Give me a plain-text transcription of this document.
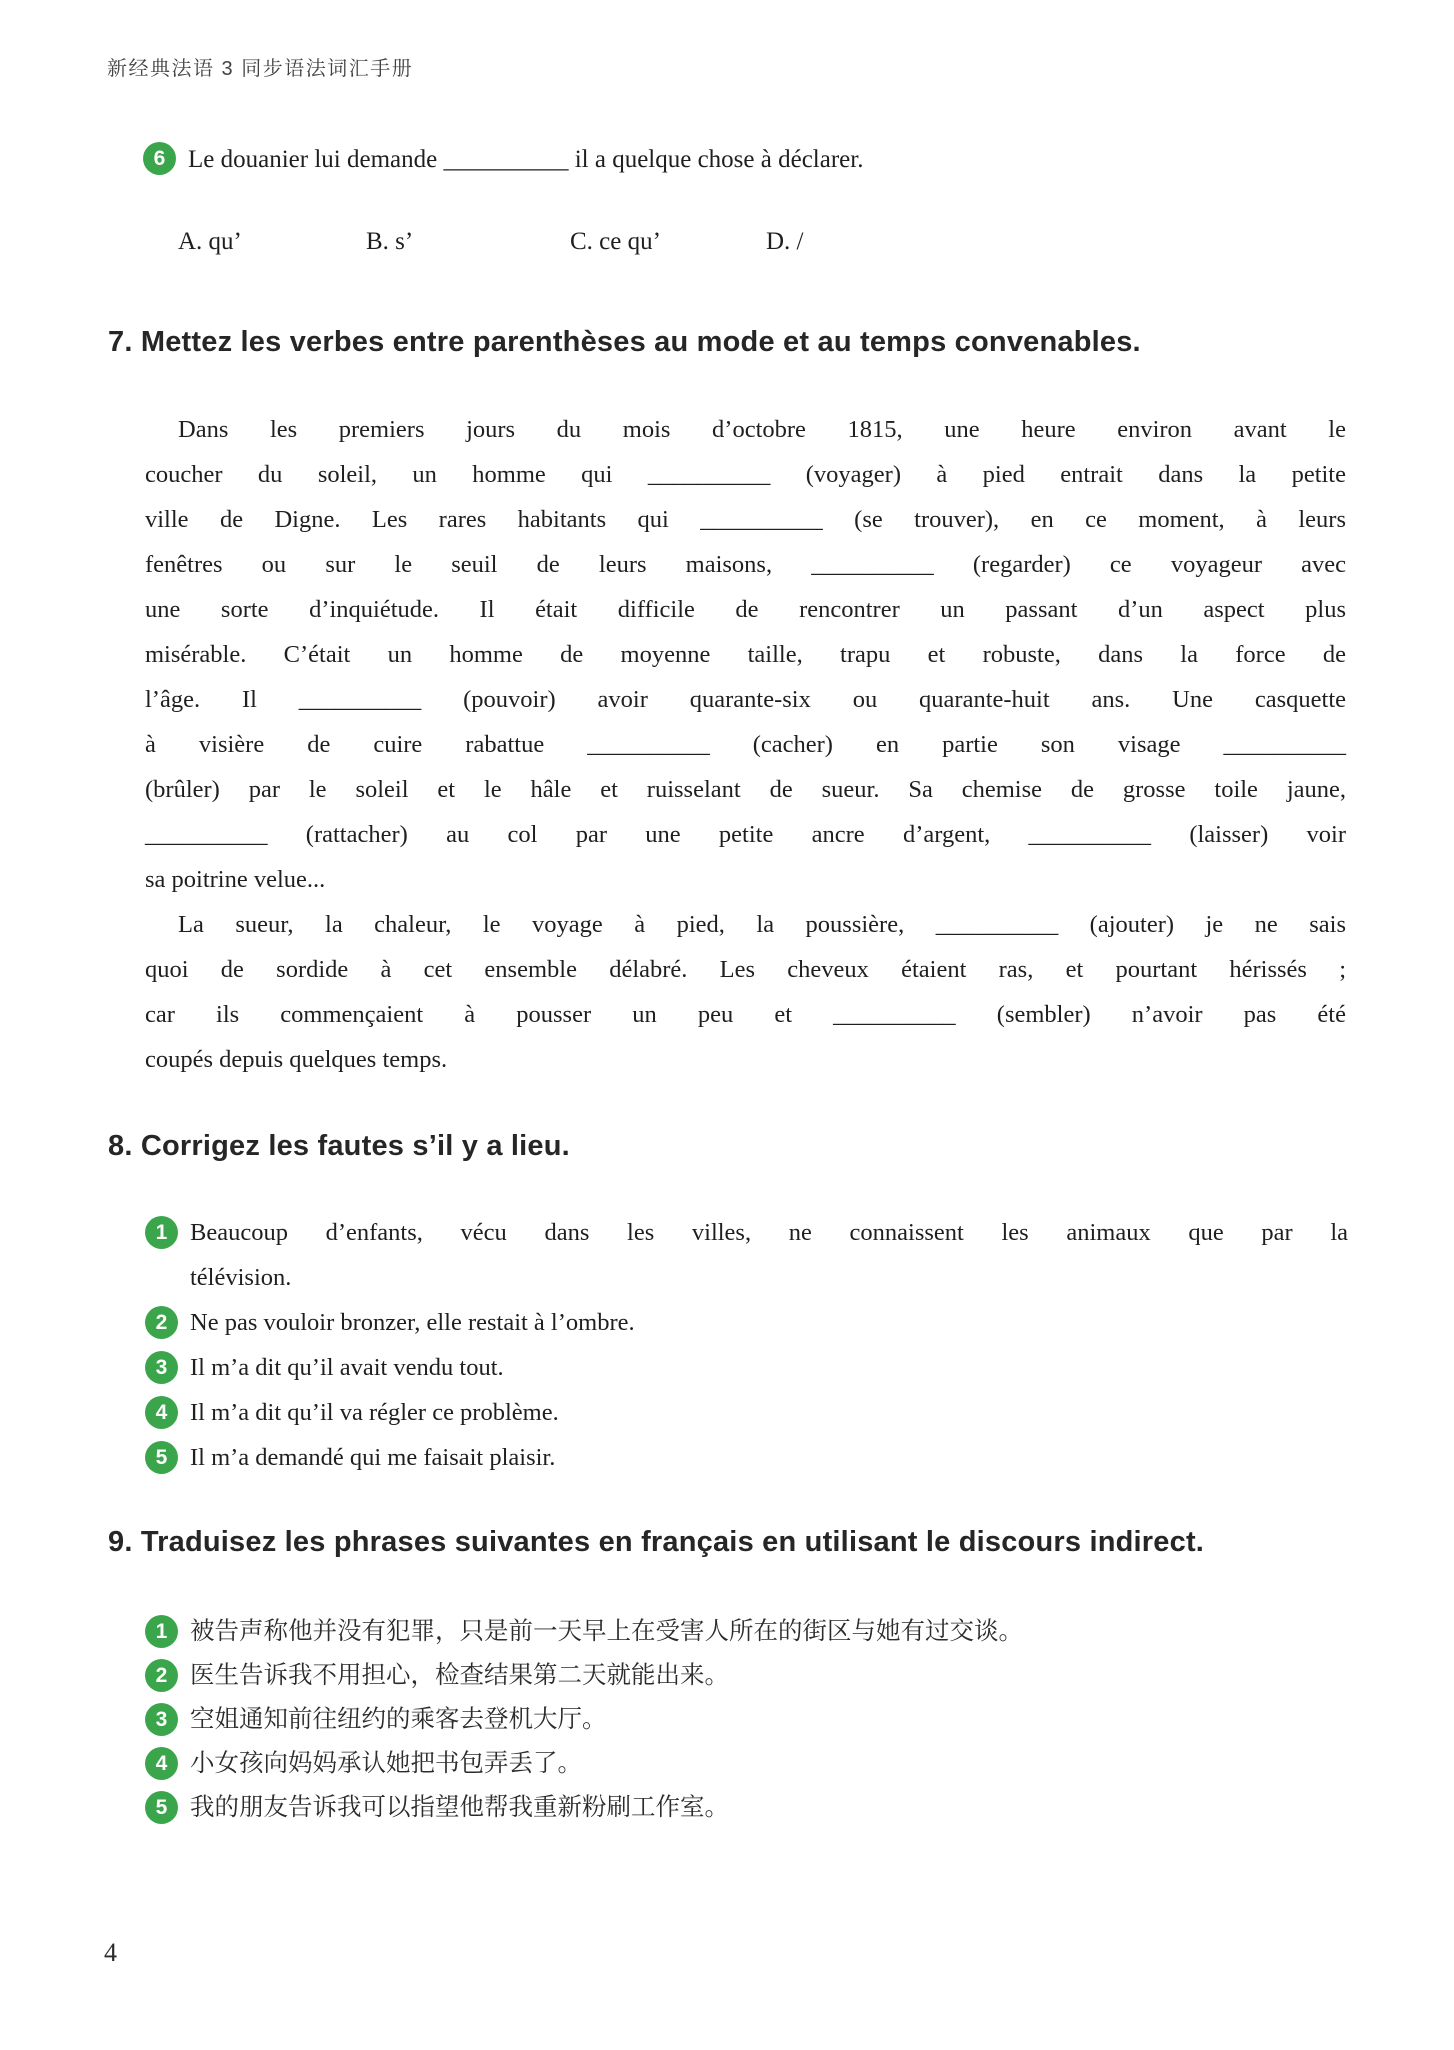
新经典法语 3 同步语法词汇手册
6 Le douanier lui demande __________ il a quelque chose à déclarer.
A. qu’	B. s’	C. ce qu’	D. /
7. Mettez les verbes entre parenthèses au mode et au temps convenables.
Dans les premiers jours du mois d’octobre 1815, une heure environ avant le
coucher du soleil, un homme qui __________ (voyager) à pied entrait dans la petite
ville de Digne. Les rares habitants qui __________ (se trouver), en ce moment, à leurs
fenêtres ou sur le seuil de leurs maisons, __________ (regarder) ce voyageur avec
une sorte d’inquiétude. Il était difficile de rencontrer un passant d’un aspect plus
misérable. C’était un homme de moyenne taille, trapu et robuste, dans la force de
l’âge. Il __________ (pouvoir) avoir quarante-six ou quarante-huit ans. Une casquette
à visière de cuire rabattue __________ (cacher) en partie son visage __________
(brûler) par le soleil et le hâle et ruisselant de sueur. Sa chemise de grosse toile jaune,
__________ (rattacher) au col par une petite ancre d’argent, __________ (laisser) voir
sa poitrine velue...
La sueur, la chaleur, le voyage à pied, la poussière, __________ (ajouter) je ne sais
quoi de sordide à cet ensemble délabré. Les cheveux étaient ras, et pourtant hérissés ;
car ils commençaient à pousser un peu et __________ (sembler) n’avoir pas été
coupés depuis quelques temps.
8. Corrigez les fautes s’il y a lieu.
1 Beaucoup d’enfants, vécu dans les villes, ne connaissent les animaux que par la
télévision.
2 Ne pas vouloir bronzer, elle restait à l’ombre.
3 Il m’a dit qu’il avait vendu tout.
4 Il m’a dit qu’il va régler ce problème.
5 Il m’a demandé qui me faisait plaisir.
9. Traduisez les phrases suivantes en français en utilisant le discours indirect.
1 被告声称他并没有犯罪，只是前一天早上在受害人所在的街区与她有过交谈。
2 医生告诉我不用担心，检查结果第二天就能出来。
3 空姐通知前往纽约的乘客去登机大厅。
4 小女孩向妈妈承认她把书包弄丢了。
5 我的朋友告诉我可以指望他帮我重新粉刷工作室。
4
